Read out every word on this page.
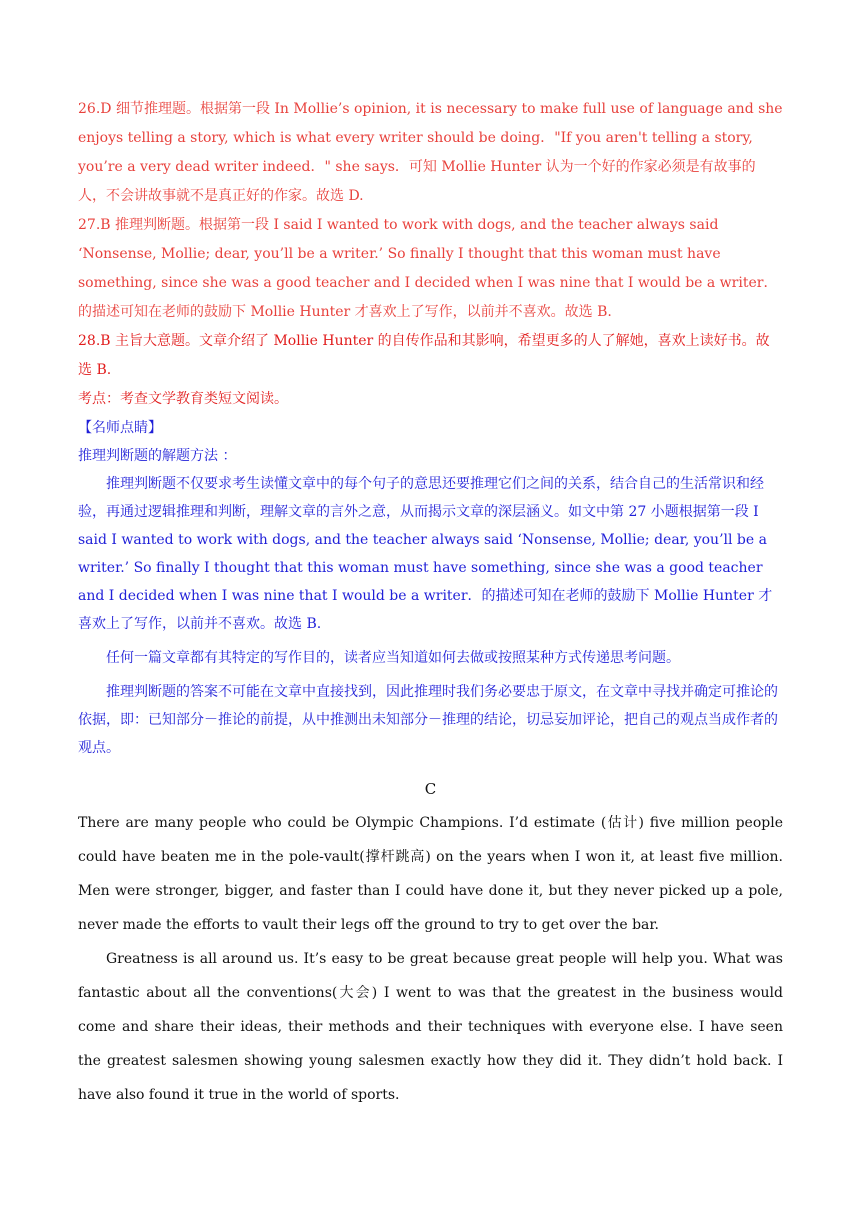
26.D 细节推理题。根据第一段 In Mollie’s opinion, it is necessary to make full use of language and she enjoys telling a story, which is what every writer should be doing．"If you aren't telling a story, you’re a very dead writer indeed．" she says．可知 Mollie Hunter 认为一个好的作家必须是有故事的人，不会讲故事就不是真正好的作家。故选 D.

27.B 推理判断题。根据第一段 I said I wanted to work with dogs, and the teacher always said ‘Nonsense, Mollie; dear, you’ll be a writer.’ So finally I thought that this woman must have something, since she was a good teacher and I decided when I was nine that I would be a writer．的描述可知在老师的鼓励下 Mollie Hunter 才喜欢上了写作，以前并不喜欢。故选 B.

28.B 主旨大意题。文章介绍了 Mollie Hunter 的自传作品和其影响，希望更多的人了解她，喜欢上读好书。故选 B.

考点：考查文学教育类短文阅读。

【名师点睛】

推理判断题的解题方法 ：

推理判断题不仅要求考生读懂文章中的每个句子的意思还要推理它们之间的关系，结合自己的生活常识和经验，再通过逻辑推理和判断，理解文章的言外之意，从而揭示文章的深层涵义。如文中第 27 小题根据第一段 I said I wanted to work with dogs, and the teacher always said ‘Nonsense, Mollie; dear, you’ll be a writer.’ So finally I thought that this woman must have something, since she was a good teacher and I decided when I was nine that I would be a writer．的描述可知在老师的鼓励下 Mollie Hunter 才喜欢上了写作，以前并不喜欢。故选 B.

任何一篇文章都有其特定的写作目的，读者应当知道如何去做或按照某种方式传递思考问题。

推理判断题的答案不可能在文章中直接找到，因此推理时我们务必要忠于原文，在文章中寻找并确定可推论的依据，即：已知部分－推论的前提，从中推测出未知部分－推理的结论，切忌妄加评论，把自己的观点当成作者的观点。

C

There are many people who could be Olympic Champions. I’d estimate (估计) five million people could have beaten me in the pole-vault(撑杆跳高) on the years when I won it, at least five million. Men were stronger, bigger, and faster than I could have done it, but they never picked up a pole, never made the efforts to vault their legs off the ground to try to get over the bar.

Greatness is all around us. It’s easy to be great because great people will help you. What was fantastic about all the conventions(大会) I went to was that the greatest in the business would come and share their ideas, their methods and their techniques with everyone else. I have seen the greatest salesmen showing young salesmen exactly how they did it. They didn’t hold back. I have also found it true in the world of sports.
